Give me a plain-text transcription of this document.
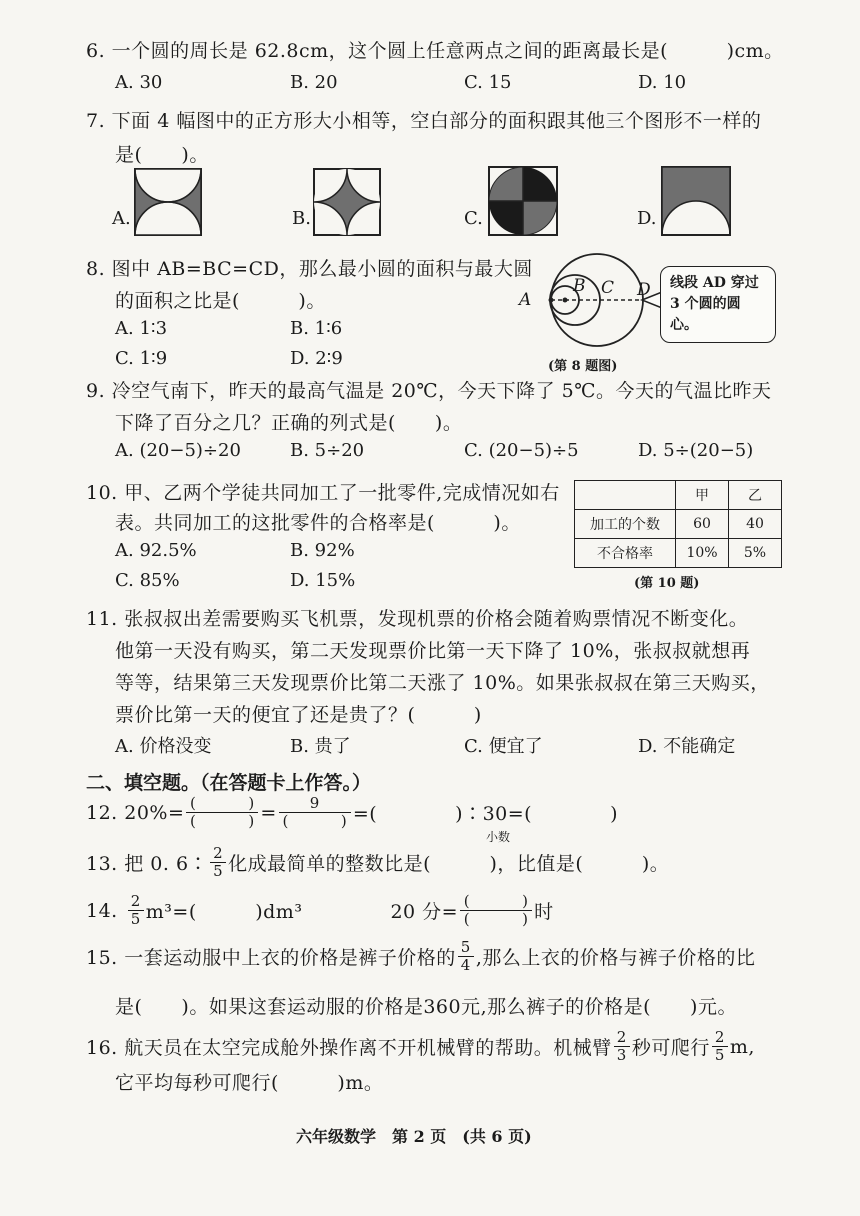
6. 一个圆的周长是 62.8cm，这个圆上任意两点之间的距离最长是(　　　)cm。
A. 30	B. 20	C. 15	D. 10
7. 下面 4 幅图中的正方形大小相等，空白部分的面积跟其他三个图形不一样的
是(　　)。
A.	B.	C.	D.
8. 图中 AB=BC=CD，那么最小圆的面积与最大圆
的面积之比是(　　　)。
A. 1∶3	B. 1∶6
C. 1∶9	D. 2∶9
A
B C D	线段 AD 穿过 3 个圆的圆心。
(第 8 题图)
9. 冷空气南下，昨天的最高气温是 20℃，今天下降了 5℃。今天的气温比昨天
下降了百分之几？正确的列式是(　　)。
A. (20−5)÷20	B. 5÷20	C. (20−5)÷5	D. 5÷(20−5)
10. 甲、乙两个学徒共同加工了一批零件,完成情况如右
表。共同加工的这批零件的合格率是(　　　)。
A. 92.5%	B. 92%
C. 85%	D. 15%
	甲	乙
加工的个数	60	40
不合格率	10%	5%
(第 10 题)
11. 张叔叔出差需要购买飞机票，发现机票的价格会随着购票情况不断变化。
他第一天没有购买，第二天发现票价比第一天下降了 10%，张叔叔就想再
等等，结果第三天发现票价比第二天涨了 10%。如果张叔叔在第三天购买，
票价比第一天的便宜了还是贵了？(　　　)
A. 价格没变	B. 贵了	C. 便宜了	D. 不能确定
二、填空题。（在答题卡上作答。）
12. 20%= (	)
(	) = 9
(	) =(　　　　)∶30=(　　　　)
小数
13. 把 0. 6∶ $\frac{2}{5}$ 化成最简单的整数比是(　　　)，比值是(　　　)。
14. $\frac{2}{5} m^3=$(　　　)dm³	20 分= (	)
(	) 时
15. 一套运动服中上衣的价格是裤子价格的 $\frac{5}{4}$ ,那么上衣的价格与裤子价格的比
是(　　)。如果这套运动服的价格是360元,那么裤子的价格是(　　)元。
16. 航天员在太空完成舱外操作离不开机械臂的帮助。机械臂 $\frac{2}{3}$ 秒可爬行 $\frac{2}{5} m$,
它平均每秒可爬行(　　　)m。
六年级数学　第 2 页　(共 6 页)
